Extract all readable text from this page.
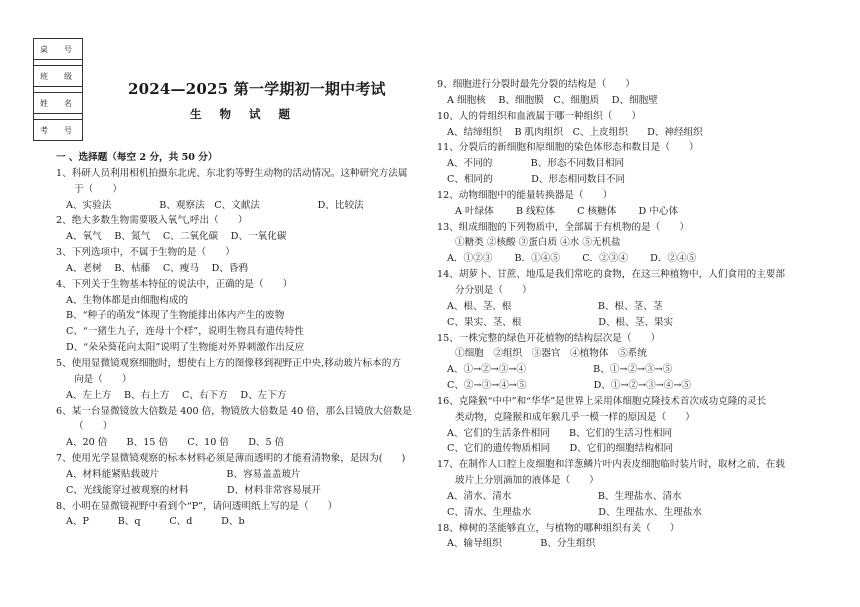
桌　号

班　级

姓　名

考　号
2024—2025 第一学期初一期中考试
生 物 试 题
一 、选择题（每空 2 分，共 50 分）
1、科研人员利用相机拍摄东北虎、东北豹等野生动物的活动情况。这种研究方法属
于（　　）
A、实验法　　　　　B、观察法　C、文献法　　　　　　D、比较法
2、绝大多数生物需要吸入氧气,呼出（　　）
A、氧气　 B、氮气　 C、二氧化碳　 D、一氧化碳
3、下列选项中，不属于生物的是（　　）
A、老树　 B、枯藤　 C、瘦马　 D、昏鸦
4、下列关于生物基本特征的说法中，正确的是（　　）
A、生物体都是由细胞构成的
B、“种子的萌发”体现了生物能排出体内产生的废物
C、“一猪生九子，连母十个样”，说明生物具有遗传特性
D、“朵朵葵花向太阳”说明了生物能对外界刺激作出反应
5、使用显微镜观察细胞时，想使右上方的图像移到视野正中央,移动玻片标本的方
向是（　　）
A、左上方　 B、右上方　 C、右下方　 D、左下方
6、某一台显微镜放大倍数是 400 倍，物镜放大倍数是 40 倍，那么目镜放大倍数是
（　　）
A、20 倍　　B、15 倍　　C、10 倍　　D、5 倍
7、使用光学显微镜观察的标本材料必须是薄而透明的才能看清物象，是因为(　　)
A、材料能紧贴载玻片　　　　　　　B、容易盖盖玻片
C、光线能穿过被观察的材料　　　　D、材料非常容易展开
8、小明在显微镜视野中看到个“P”，请问透明纸上写的是（　　）
A、P　　　B、q　　　C、d　　　D、b
9、细胞进行分裂时最先分裂的结构是（　　）
A 细胞核　 B、细胞膜　C、细胞质　 D、细胞壁
10、人的骨组织和血液属于哪一种组织（　　）
A、结缔组织　 B 肌肉组织　C、上皮组织　　D、神经组织
11、分裂后的新细胞和原细胞的染色体形态和数目是（　　）
A、不同的　　　　B、形态不同数目相同
C、相同的　　　　D、形态相同数目不同
12、动物细胞中的能量转换器是（　　）
A 叶绿体　　 B 线粒体　　 C 核糖体　　 D 中心体
13、组成细胞的下列物质中，全部属于有机物的是（　　）
①糖类 ②核酸 ③蛋白质 ④水 ⑤无机盐
A．①②③　　 B．①④⑤　　 C．②③④　　 D．②④⑤
14、胡萝卜、甘蔗、地瓜是我们常吃的食物，在这三种植物中，人们食用的主要部
分分别是（　　）
A、根、茎、根　　　　　　　　　B、根、茎、茎
C、果实、茎、根　　　　　　　　D、根、茎、果实
15、一株完整的绿色开花植物的结构层次是（　　）
①细胞　②组织　③器官　④植物体　⑤系统
A、①→②→③→④　　　　　　　B、①→②→③→⑤
C、②→③→④→⑤　　　　　　　D、①→②→③→④→⑤
16、克隆猴“中中”和“华华”是世界上采用体细胞克隆技术首次成功克隆的灵长
类动物，克隆猴和成年猴几乎一模一样的原因是（　　）
A、它们的生活条件相同　　B、它们的生活习性相同
C、它们的遗传物质相同　　D、它们的细胞结构相同
17、在制作人口腔上皮细胞和洋葱鳞片叶内表皮细胞临时装片时，取材之前，在载
玻片上分别滴加的液体是（　　）
A、清水、清水　　　　　　　　　B、生理盐水、清水
C、清水、生理盐水　　　　　　　D、生理盐水、生理盐水
18、樟树的茎能够直立，与植物的哪种组织有关（　　）
A、输导组织　　　　B、分生组织
